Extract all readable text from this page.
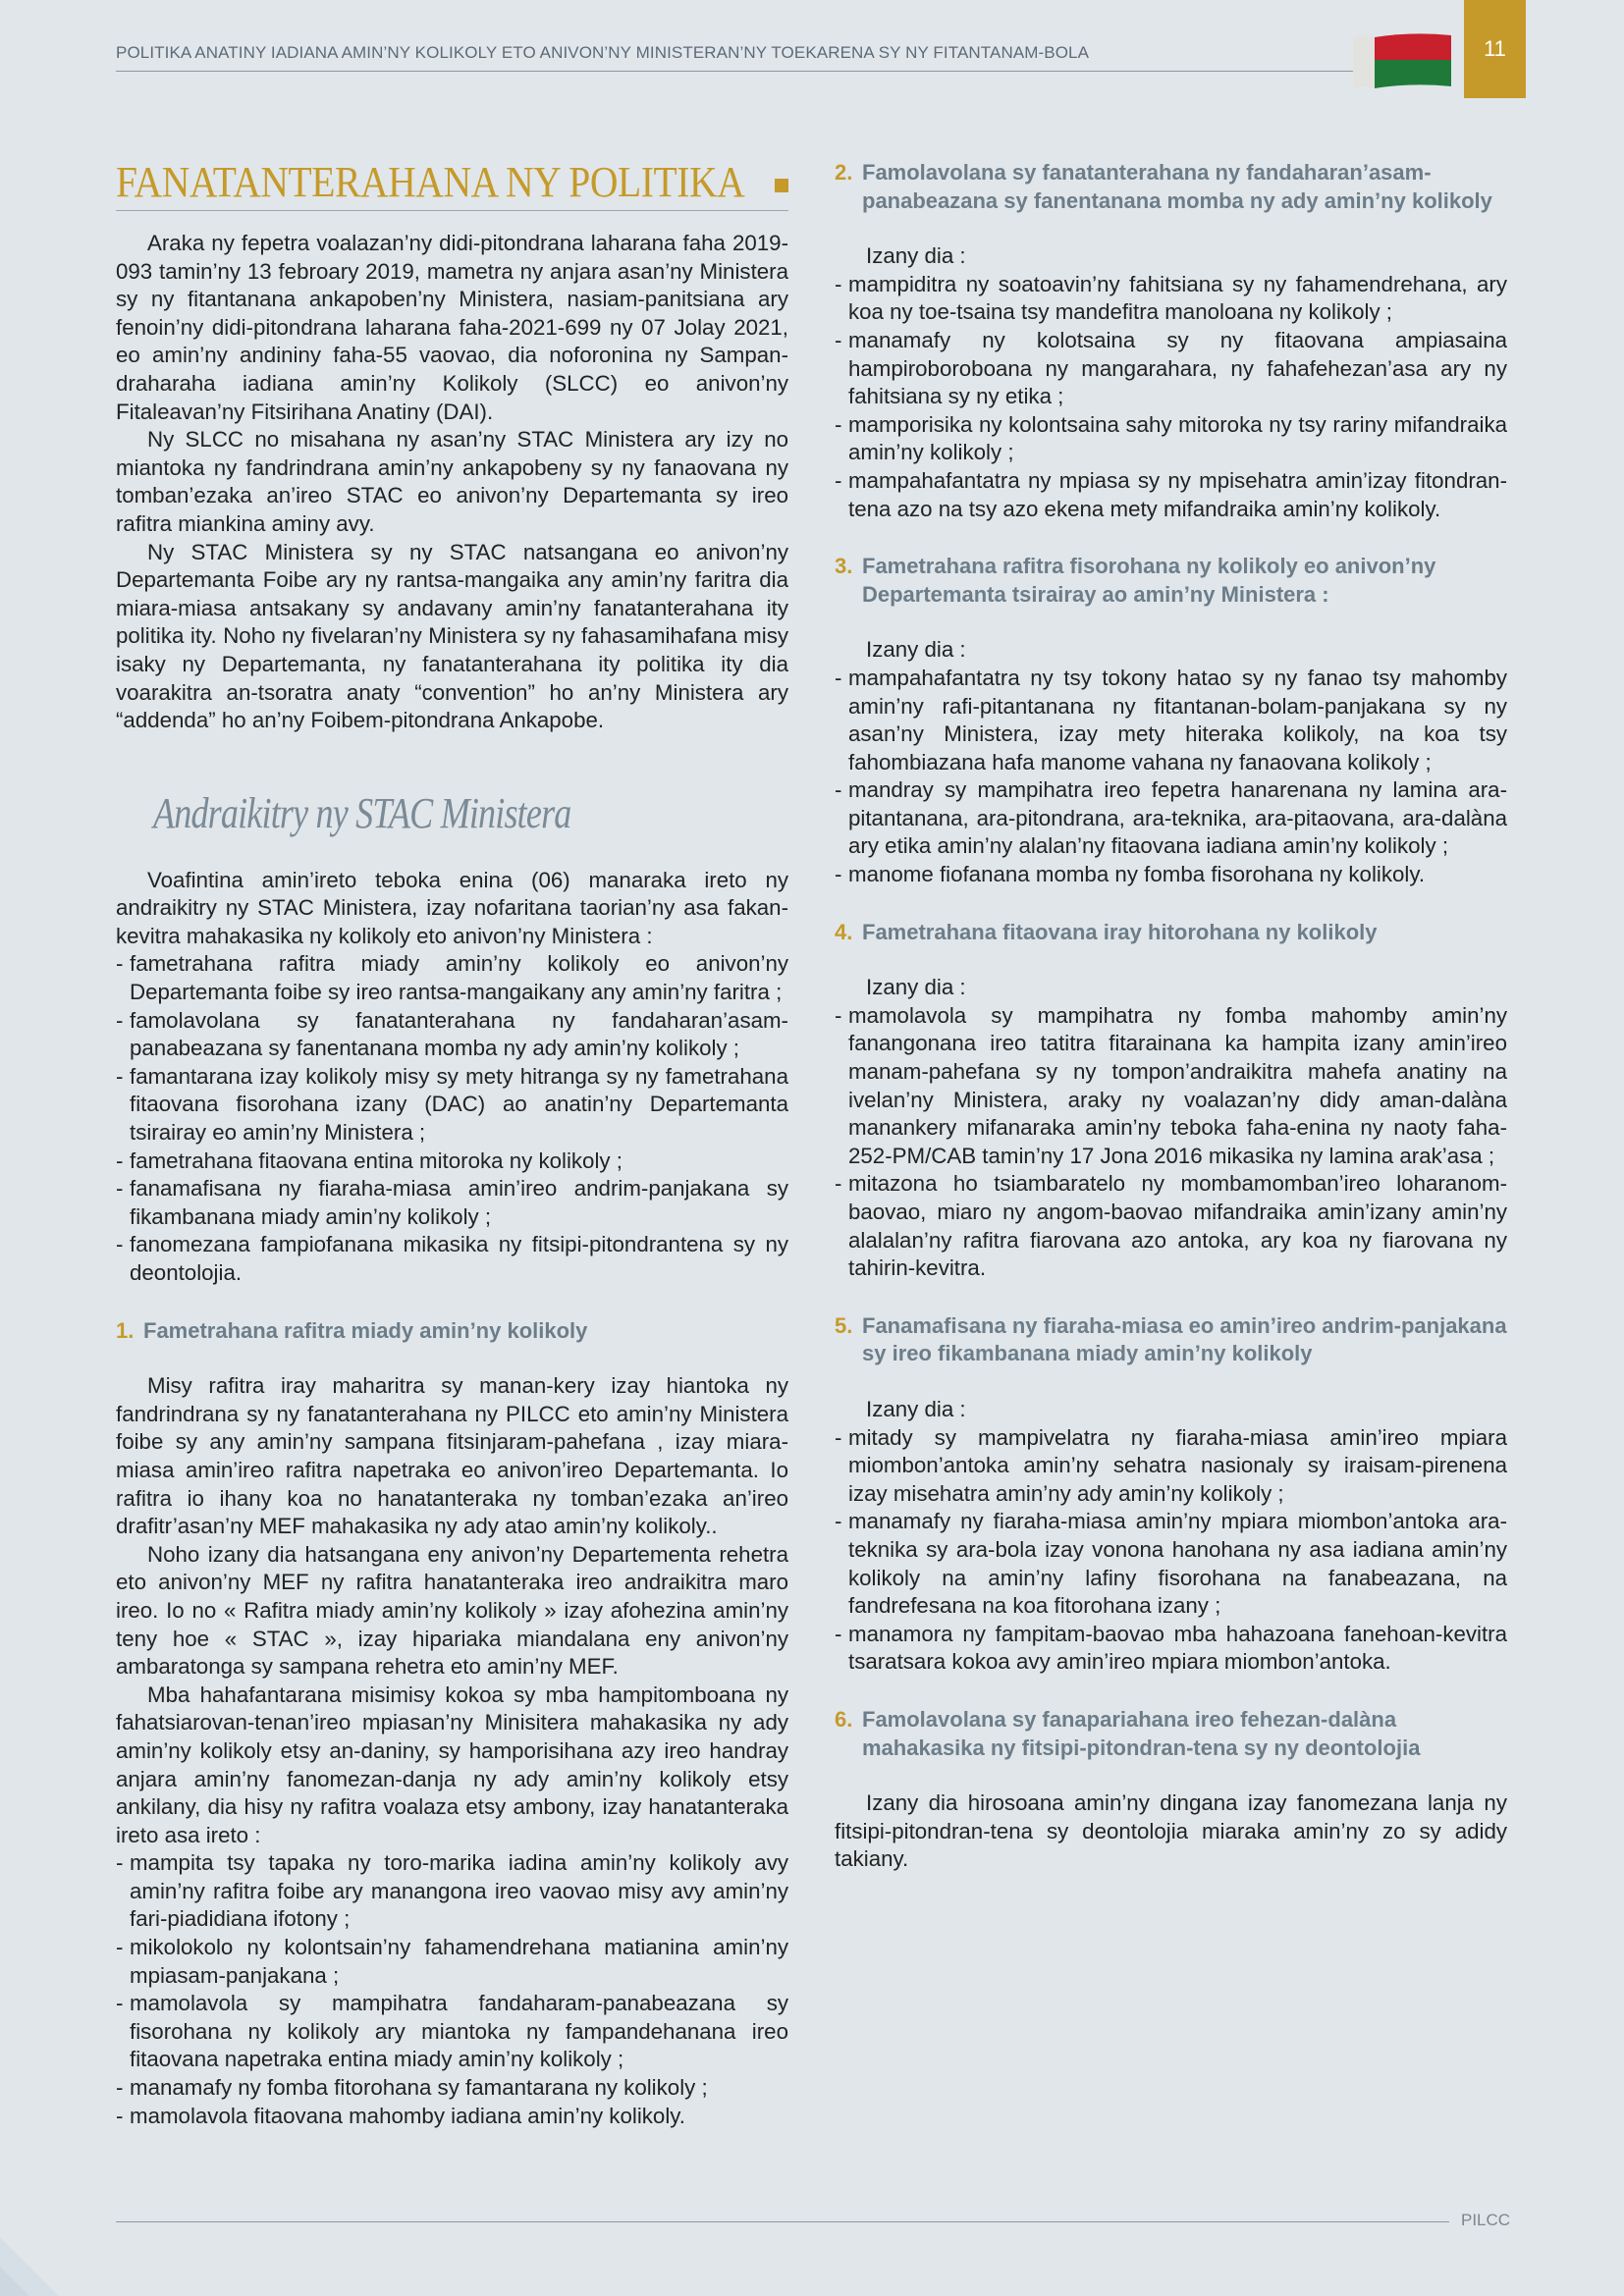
POLITIKA ANATINY IADIANA AMIN’NY KOLIKOLY ETO ANIVON’NY MINISTERAN’NY TOEKARENA SY NY FITANTANAM-BOLA	11
FANATANTERAHANA NY POLITIKA

Araka ny fepetra voalazan’ny didi-pitondrana laharana faha 2019-093 tamin’ny 13 febroary 2019, mametra ny anjara asan’ny Ministera sy ny fitantanana ankapoben’ny Ministera, nasiam-panitsiana ary fenoin’ny didi-pitondrana laharana faha-2021-699 ny 07 Jolay 2021, eo amin’ny andininy faha-55 vaovao, dia noforonina ny Sampan-draharaha iadiana amin’ny Kolikoly (SLCC) eo anivon’ny Fitaleavan’ny Fitsirihana Anatiny (DAI).

Ny SLCC no misahana ny asan’ny STAC Ministera ary izy no miantoka ny fandrindrana amin’ny ankapobeny sy ny fanaovana ny tomban’ezaka an’ireo STAC eo anivon’ny Departemanta sy ireo rafitra miankina aminy avy.

Ny STAC Ministera sy ny STAC natsangana eo anivon’ny Departemanta Foibe ary ny rantsa-mangaika any amin’ny faritra dia miara-miasa antsakany sy andavany amin’ny fanatanterahana ity politika ity. Noho ny fivelaran’ny Ministera sy ny fahasamihafana misy isaky ny Departemanta, ny fanatanterahana ity politika ity dia voarakitra an-tsoratra anaty “convention” ho an’ny Ministera ary “addenda” ho an’ny Foibem-pitondrana Ankapobe.

Andraikitry ny STAC Ministera

Voafintina amin’ireto teboka enina (06) manaraka ireto ny andraikitry ny STAC Ministera, izay nofaritana taorian’ny asa fakan-kevitra mahakasika ny kolikoly eto anivon’ny Ministera :

- fametrahana rafitra miady amin’ny kolikoly eo anivon’ny Departemanta foibe sy ireo rantsa-mangaikany any amin’ny faritra ;
- famolavolana sy fanatanterahana ny fandaharan’asam-panabeazana sy fanentanana momba ny ady amin’ny kolikoly ;
- famantarana izay kolikoly misy sy mety hitranga sy ny fametrahana fitaovana fisorohana izany (DAC) ao anatin’ny Departemanta tsirairay eo amin’ny Ministera ;
- fametrahana fitaovana entina mitoroka ny kolikoly ;
- fanamafisana ny fiaraha-miasa amin’ireo andrim-panjakana sy fikambanana miady amin’ny kolikoly ;
- fanomezana fampiofanana mikasika ny fitsipi-pitondrantena sy ny deontolojia.
1. Fametrahana rafitra miady amin’ny kolikoly

Misy rafitra iray maharitra sy manan-kery izay hiantoka ny fandrindrana sy ny fanatanterahana ny PILCC eto amin’ny Ministera foibe sy any amin’ny sampana fitsinjaram-pahefana , izay miara-miasa amin’ireo rafitra napetraka eo anivon’ireo Departemanta. Io rafitra io ihany koa no hanatanteraka ny tomban’ezaka an’ireo drafitr’asan’ny MEF mahakasika ny ady atao amin’ny kolikoly..

Noho izany dia hatsangana eny anivon’ny Departementa rehetra eto anivon’ny MEF ny rafitra hanatanteraka ireo andraikitra maro ireo. Io no « Rafitra miady amin’ny kolikoly » izay afohezina amin’ny teny hoe « STAC », izay hipariaka miandalana eny anivon’ny ambaratonga sy sampana rehetra eto amin’ny MEF.

Mba hahafantarana misimisy kokoa sy mba hampitomboana ny fahatsiarovan-tenan’ireo mpiasan’ny Minisitera mahakasika ny ady amin’ny kolikoly etsy an-daniny, sy hamporisihana azy ireo handray anjara amin’ny fanomezan-danja ny ady amin’ny kolikoly etsy ankilany, dia hisy ny rafitra voalaza etsy ambony, izay hanatanteraka ireto asa ireto :

- mampita tsy tapaka ny toro-marika iadina amin’ny kolikoly avy amin’ny rafitra foibe ary manangona ireo vaovao misy avy amin’ny fari-piadidiana ifotony ;
- mikolokolo ny kolontsain’ny fahamendrehana matianina amin’ny mpiasam-panjakana ;
- mamolavola sy mampihatra fandaharam-panabeazana sy fisorohana ny kolikoly ary miantoka ny fampandehanana ireo fitaovana napetraka entina miady amin’ny kolikoly ;
- manamafy ny fomba fitorohana sy famantarana ny kolikoly ;
- mamolavola fitaovana mahomby iadiana amin’ny kolikoly.
2. Famolavolana sy fanatanterahana ny fandaharan’asam-panabeazana sy fanentanana momba ny ady amin’ny kolikoly

Izany dia :

- mampiditra ny soatoavin’ny fahitsiana sy ny fahamendrehana, ary koa ny toe-tsaina tsy mandefitra manoloana ny kolikoly ;
- manamafy ny kolotsaina sy ny fitaovana ampiasaina hampiroboroboana ny mangarahara, ny fahafehezan’asa ary ny fahitsiana sy ny etika ;
- mamporisika ny kolontsaina sahy mitoroka ny tsy rariny mifandraika amin’ny kolikoly ;
- mampahafantatra ny mpiasa sy ny mpisehatra amin’izay fitondran-tena azo na tsy azo ekena mety mifandraika amin’ny kolikoly.
3. Fametrahana rafitra fisorohana ny kolikoly eo anivon’ny Departemanta tsirairay ao amin’ny Ministera :

Izany dia :

- mampahafantatra ny tsy tokony hatao sy ny fanao tsy mahomby amin’ny rafi-pitantanana ny fitantanan-bolam-panjakana sy ny asan’ny Ministera, izay mety hiteraka kolikoly, na koa tsy fahombiazana hafa manome vahana ny fanaovana kolikoly ;
- mandray sy mampihatra ireo fepetra hanarenana ny lamina ara-pitantanana, ara-pitondrana, ara-teknika, ara-pitaovana, ara-dalàna ary etika amin’ny alalan’ny fitaovana iadiana amin’ny kolikoly ;
- manome fiofanana momba ny fomba fisorohana ny kolikoly.
4. Fametrahana fitaovana iray hitorohana ny kolikoly

Izany dia :

- mamolavola sy mampihatra ny fomba mahomby amin’ny fanangonana ireo tatitra fitarainana ka hampita izany amin’ireo manam-pahefana sy ny tompon’andraikitra mahefa anatiny na ivelan’ny Ministera, araky ny voalazan’ny didy aman-dalàna manankery mifanaraka amin’ny teboka faha-enina ny naoty faha-252-PM/CAB tamin’ny 17 Jona 2016 mikasika ny lamina arak’asa ;
- mitazona ho tsiambaratelo ny mombamomban’ireo loharanom-baovao, miaro ny angom-baovao mifandraika amin’izany amin’ny alalalan’ny rafitra fiarovana azo antoka, ary koa ny fiarovana ny tahirin-kevitra.
5. Fanamafisana ny fiaraha-miasa eo amin’ireo andrim-panjakana sy ireo fikambanana miady amin’ny kolikoly

Izany dia :

- mitady sy mampivelatra ny fiaraha-miasa amin’ireo mpiara miombon’antoka amin’ny sehatra nasionaly sy iraisam-pirenena izay misehatra amin’ny ady amin’ny kolikoly ;
- manamafy ny fiaraha-miasa amin’ny mpiara miombon’antoka ara-teknika sy ara-bola izay vonona hanohana ny asa iadiana amin’ny kolikoly na amin’ny lafiny fisorohana na fanabeazana, na fandrefesana na koa fitorohana izany ;
- manamora ny fampitam-baovao mba hahazoana fanehoan-kevitra tsaratsara kokoa avy amin’ireo mpiara miombon’antoka.
6. Famolavolana sy fanapariahana ireo fehezan-dalàna mahakasika ny fitsipi-pitondran-tena sy ny deontolojia

Izany dia hirosoana amin’ny dingana izay fanomezana lanja ny fitsipi-pitondran-tena sy deontolojia miaraka amin’ny zo sy adidy takiany.

PILCC
